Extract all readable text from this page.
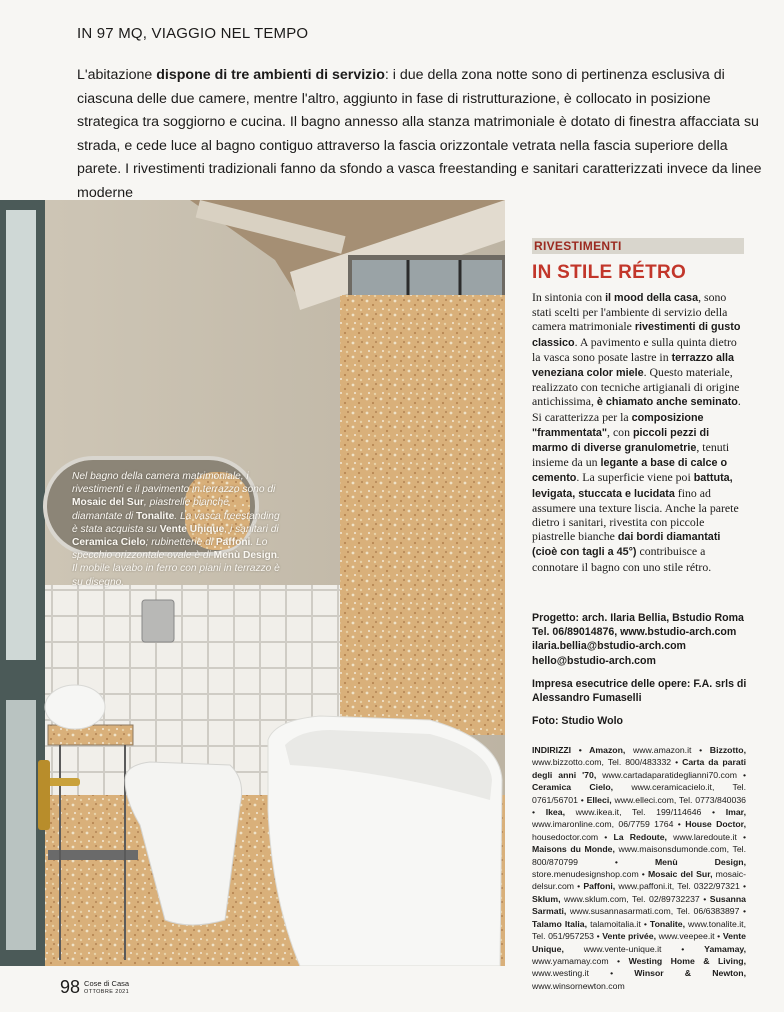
IN 97 MQ, VIAGGIO NEL TEMPO
L'abitazione dispone di tre ambienti di servizio: i due della zona notte sono di pertinenza esclusiva di ciascuna delle due camere, mentre l'altro, aggiunto in fase di ristrutturazione, è collocato in posizione strategica tra soggiorno e cucina. Il bagno annesso alla stanza matrimoniale è dotato di finestra affacciata su strada, e cede luce al bagno contiguo attraverso la fascia orizzontale vetrata nella fascia superiore della parete. I rivestimenti tradizionali fanno da sfondo a vasca freestanding e sanitari caratterizzati invece da linee moderne
Nel bagno della camera matrimoniale, i rivestimenti e il pavimento in terrazzo sono di Mosaic del Sur, piastrelle bianche diamantate di Tonalite. La vasca freestanding è stata acquista su Vente Unique, i sanitari di Ceramica Cielo; rubinetterie di Paffoni. Lo specchio orizzontale ovale è di Menù Design. Il mobile lavabo in ferro con piani in terrazzo è su disegno.
RIVESTIMENTI
IN STILE RÉTRO
In sintonia con il mood della casa, sono stati scelti per l'ambiente di servizio della camera matrimoniale rivestimenti di gusto classico. A pavimento e sulla quinta dietro la vasca sono posate lastre in terrazzo alla veneziana color miele. Questo materiale, realizzato con tecniche artigianali di origine antichissima, è chiamato anche seminato. Si caratterizza per la composizione "frammentata", con piccoli pezzi di marmo di diverse granulometrie, tenuti insieme da un legante a base di calce o cemento. La superficie viene poi battuta, levigata, stuccata e lucidata fino ad assumere una texture liscia. Anche la parete dietro i sanitari, rivestita con piccole piastrelle bianche dai bordi diamantati (cioè con tagli a 45°) contribuisce a connotare il bagno con uno stile rétro.

Progetto: arch. Ilaria Bellia, Bstudio Roma
Tel. 06/89014876, www.bstudio-arch.com
ilaria.bellia@bstudio-arch.com
hello@bstudio-arch.com

Impresa esecutrice delle opere: F.A. srls di Alessandro Fumaselli

Foto: Studio Wolo

INDIRIZZI • Amazon, www.amazon.it • Bizzotto, www.bizzotto.com, Tel. 800/483332 • Carta da parati degli anni '70, www.cartadaparatideglianni70.com • Ceramica Cielo, www.ceramicacielo.it, Tel. 0761/56701 • Elleci, www.elleci.com, Tel. 0773/840036 • Ikea, www.ikea.it, Tel. 199/114646 • Imar, www.imaronline.com, 06/7759 1764 • House Doctor, housedoctor.com • La Redoute, www.laredoute.it • Maisons du Monde, www.maisonsdumonde.com, Tel. 800/870799 • Menù Design, store.menudesignshop.com • Mosaic del Sur, mosaic-delsur.com • Paffoni, www.paffoni.it, Tel. 0322/97321 • Sklum, www.sklum.com, Tel. 02/89732237 • Susanna Sarmati, www.susannasarmati.com, Tel. 06/6383897 • Talamo Italia, talamoitalia.it • Tonalite, www.tonalite.it, Tel. 051/957253 • Vente privée, www.veepee.it • Vente Unique, www.vente-unique.it • Yamamay, www.yamamay.com • Westing Home & Living, www.westing.it • Winsor & Newton, www.winsornewton.com
98 Cose di Casa
OTTOBRE 2021
